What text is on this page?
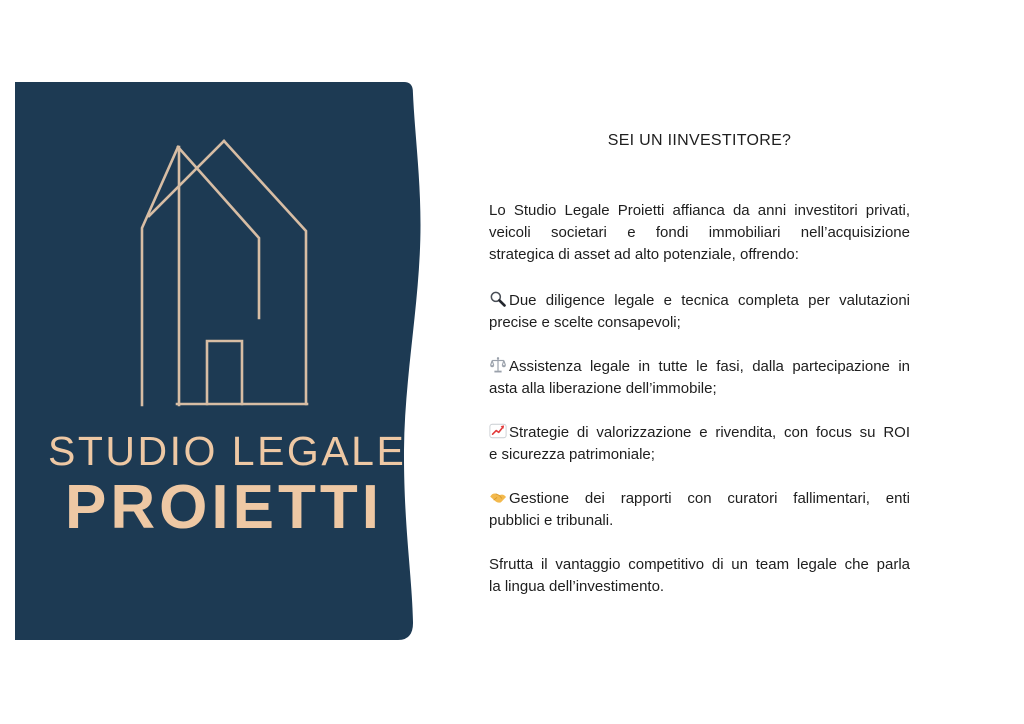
STUDIO LEGALE
PROIETTI

SEI UN IINVESTITORE?

Lo Studio Legale Proietti affianca da anni investitori privati,
veicoli societari e fondi immobiliari nell’acquisizione
strategica di asset ad alto potenziale, offrendo:
Due diligence legale e tecnica completa per valutazioni
precise e scelte consapevoli;
Assistenza legale in tutte le fasi, dalla partecipazione in
asta alla liberazione dell’immobile;
Strategie di valorizzazione e rivendita, con focus su ROI
e sicurezza patrimoniale;
Gestione dei rapporti con curatori fallimentari, enti
pubblici e tribunali.
Sfrutta il vantaggio competitivo di un team legale che parla
la lingua dell’investimento.
